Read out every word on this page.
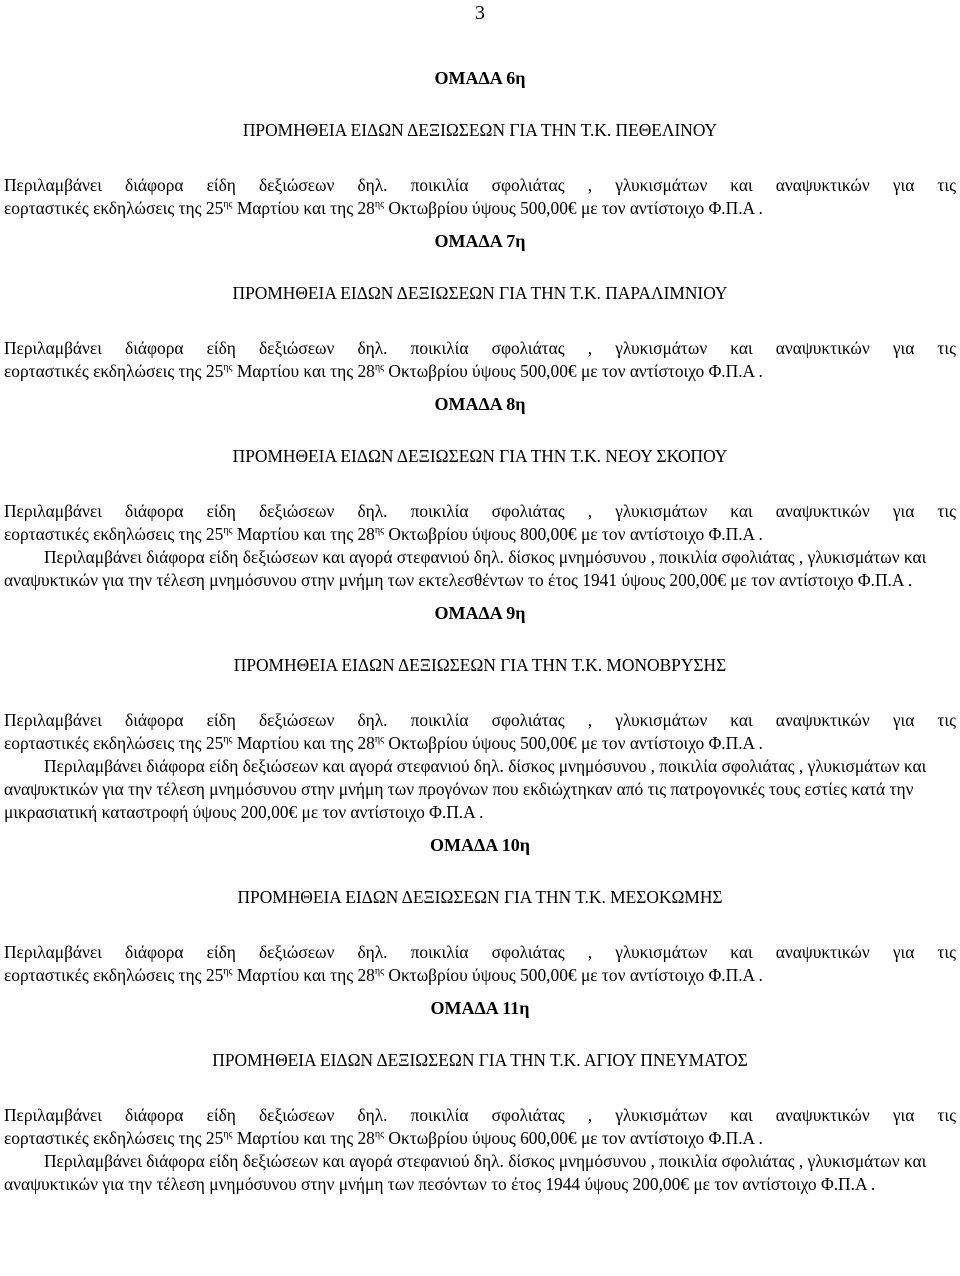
3
ΟΜΑΔΑ 6η
ΠΡΟΜΗΘΕΙΑ ΕΙΔΩΝ ΔΕΞΙΩΣΕΩΝ ΓΙΑ ΤΗΝ Τ.Κ. ΠΕΘΕΛΙΝΟΥ
Περιλαμβάνει διάφορα είδη δεξιώσεων δηλ. ποικιλία σφολιάτας , γλυκισμάτων και αναψυκτικών για τις
εορταστικές εκδηλώσεις της $25^{\eta\varsigma}$ Μαρτίου και της $28^{\eta\varsigma}$ Οκτωβρίου ύψους 500,00€ με τον αντίστοιχο Φ.Π.Α .
ΟΜΑΔΑ 7η
ΠΡΟΜΗΘΕΙΑ ΕΙΔΩΝ ΔΕΞΙΩΣΕΩΝ ΓΙΑ ΤΗΝ Τ.Κ. ΠΑΡΑΛΙΜΝΙΟΥ
Περιλαμβάνει διάφορα είδη δεξιώσεων δηλ. ποικιλία σφολιάτας , γλυκισμάτων και αναψυκτικών για τις
εορταστικές εκδηλώσεις της $25^{\eta\varsigma}$ Μαρτίου και της $28^{\eta\varsigma}$ Οκτωβρίου ύψους 500,00€ με τον αντίστοιχο Φ.Π.Α .
ΟΜΑΔΑ 8η
ΠΡΟΜΗΘΕΙΑ ΕΙΔΩΝ ΔΕΞΙΩΣΕΩΝ ΓΙΑ ΤΗΝ Τ.Κ. ΝΕΟΥ ΣΚΟΠΟΥ
Περιλαμβάνει διάφορα είδη δεξιώσεων δηλ. ποικιλία σφολιάτας , γλυκισμάτων και αναψυκτικών για τις
εορταστικές εκδηλώσεις της $25^{\eta\varsigma}$ Μαρτίου και της $28^{\eta\varsigma}$ Οκτωβρίου ύψους 800,00€ με τον αντίστοιχο Φ.Π.Α .
Περιλαμβάνει διάφορα είδη δεξιώσεων και αγορά στεφανιού δηλ. δίσκος μνημόσυνου , ποικιλία σφολιάτας , γλυκισμάτων και αναψυκτικών για την τέλεση μνημόσυνου στην μνήμη των εκτελεσθέντων το έτος 1941 ύψους 200,00€ με τον αντίστοιχο Φ.Π.Α .
ΟΜΑΔΑ 9η
ΠΡΟΜΗΘΕΙΑ ΕΙΔΩΝ ΔΕΞΙΩΣΕΩΝ ΓΙΑ ΤΗΝ Τ.Κ. ΜΟΝΟΒΡΥΣΗΣ
Περιλαμβάνει διάφορα είδη δεξιώσεων δηλ. ποικιλία σφολιάτας , γλυκισμάτων και αναψυκτικών για τις
εορταστικές εκδηλώσεις της $25^{\eta\varsigma}$ Μαρτίου και της $28^{\eta\varsigma}$ Οκτωβρίου ύψους 500,00€ με τον αντίστοιχο Φ.Π.Α .
Περιλαμβάνει διάφορα είδη δεξιώσεων και αγορά στεφανιού δηλ. δίσκος μνημόσυνου , ποικιλία σφολιάτας , γλυκισμάτων και αναψυκτικών για την τέλεση μνημόσυνου στην μνήμη των προγόνων που εκδιώχτηκαν από τις πατρογονικές τους εστίες κατά την μικρασιατική καταστροφή ύψους 200,00€ με τον αντίστοιχο Φ.Π.Α .
ΟΜΑΔΑ 10η
ΠΡΟΜΗΘΕΙΑ ΕΙΔΩΝ ΔΕΞΙΩΣΕΩΝ ΓΙΑ ΤΗΝ Τ.Κ. ΜΕΣΟΚΩΜΗΣ
Περιλαμβάνει διάφορα είδη δεξιώσεων δηλ. ποικιλία σφολιάτας , γλυκισμάτων και αναψυκτικών για τις
εορταστικές εκδηλώσεις της $25^{\eta\varsigma}$ Μαρτίου και της $28^{\eta\varsigma}$ Οκτωβρίου ύψους 500,00€ με τον αντίστοιχο Φ.Π.Α .
ΟΜΑΔΑ 11η
ΠΡΟΜΗΘΕΙΑ ΕΙΔΩΝ ΔΕΞΙΩΣΕΩΝ ΓΙΑ ΤΗΝ Τ.Κ. ΑΓΙΟΥ ΠΝΕΥΜΑΤΟΣ
Περιλαμβάνει διάφορα είδη δεξιώσεων δηλ. ποικιλία σφολιάτας , γλυκισμάτων και αναψυκτικών για τις
εορταστικές εκδηλώσεις της $25^{\eta\varsigma}$ Μαρτίου και της $28^{\eta\varsigma}$ Οκτωβρίου ύψους 600,00€ με τον αντίστοιχο Φ.Π.Α .
Περιλαμβάνει διάφορα είδη δεξιώσεων και αγορά στεφανιού δηλ. δίσκος μνημόσυνου , ποικιλία σφολιάτας , γλυκισμάτων και αναψυκτικών για την τέλεση μνημόσυνου στην μνήμη των πεσόντων το έτος 1944 ύψους 200,00€ με τον αντίστοιχο Φ.Π.Α .
